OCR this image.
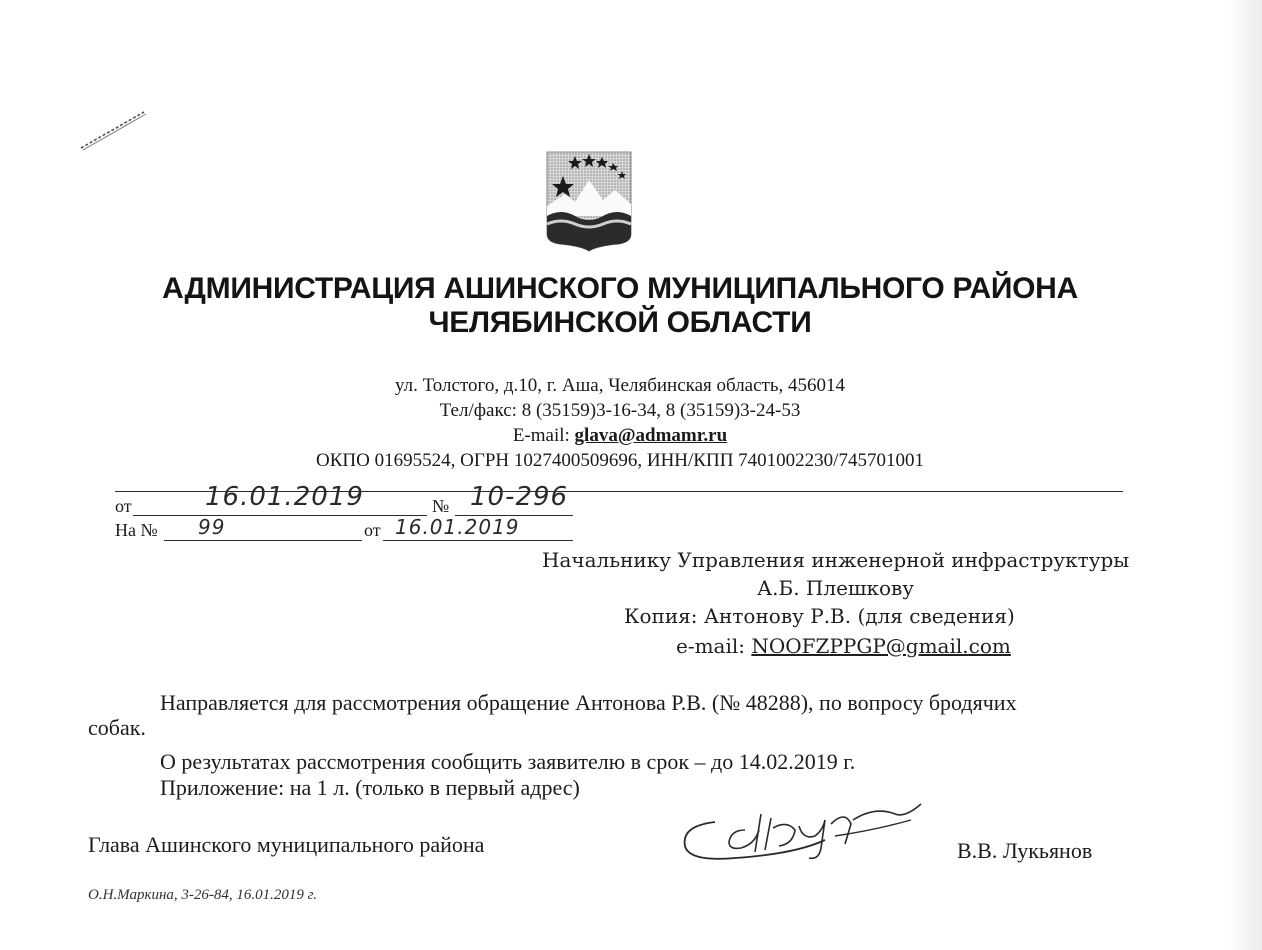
АДМИНИСТРАЦИЯ АШИНСКОГО МУНИЦИПАЛЬНОГО РАЙОНА
ЧЕЛЯБИНСКОЙ ОБЛАСТИ
ул. Толстого, д.10, г. Аша, Челябинская область, 456014
Тел/факс: 8 (35159)3-16-34, 8 (35159)3-24-53
E-mail: glava@admamr.ru
ОКПО 01695524, ОГРН 1027400509696, ИНН/КПП 7401002230/745701001
от	16.01.2019	№ 10-296
На № 99	от 16.01.2019
Начальнику Управления инженерной инфраструктуры
А.Б. Плешкову
Копия: Антонову Р.В. (для сведения)
e-mail: NOOFZPPGP@gmail.com
Направляется для рассмотрения обращение Антонова Р.В. (№ 48288), по вопросу бродячих
собак.
О результатах рассмотрения сообщить заявителю в срок – до 14.02.2019 г.
Приложение: на 1 л. (только в первый адрес)
Глава Ашинского муниципального района	В.В. Лукьянов
О.Н.Маркина, 3-26-84, 16.01.2019 г.
